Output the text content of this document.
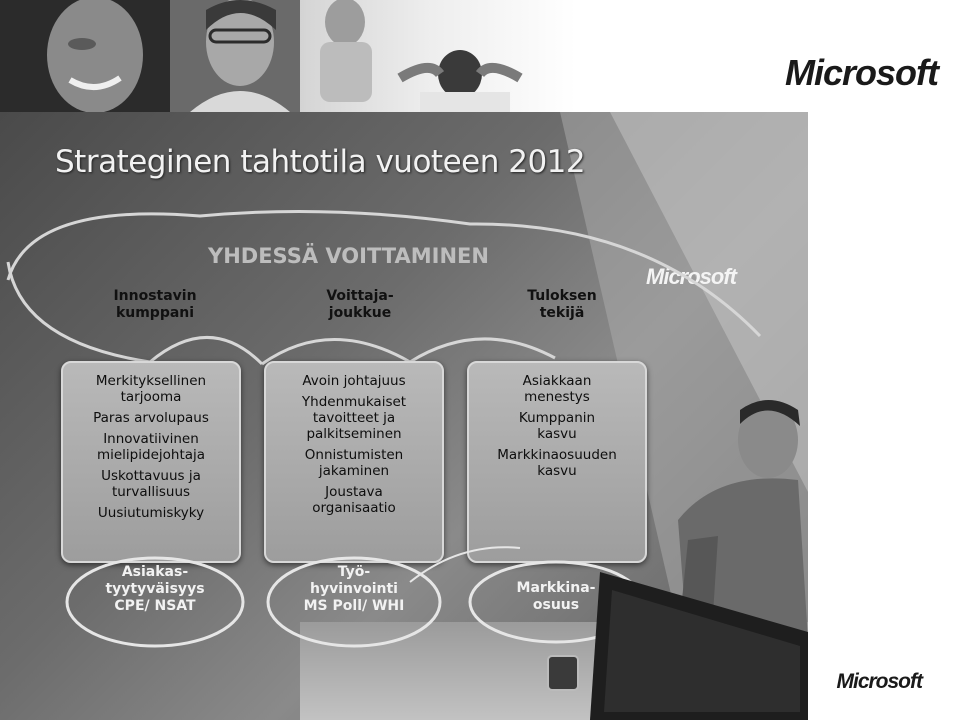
Microsoft
Strateginen tahtotila vuoteen 2012
Microsoft
YHDESSÄ VOITTAMINEN
Innostavin
kumppani
Voittaja-
joukkue
Tuloksen
tekijä
Merkityksellinen
tarjooma
Paras arvolupaus
Innovatiivinen
mielipidejohtaja
Uskottavuus ja
turvallisuus
Uusiutumiskyky
Avoin johtajuus
Yhdenmukaiset
tavoitteet ja
palkitseminen
Onnistumisten
jakaminen
Joustava
organisaatio
Asiakkaan
menestys
Kumppanin
kasvu
Markkinaosuuden
kasvu
Asiakas-
tyytyväisyys
CPE/ NSAT
Työ-
hyvinvointi
MS Poll/ WHI
Markkina-
osuus
Microsoft
